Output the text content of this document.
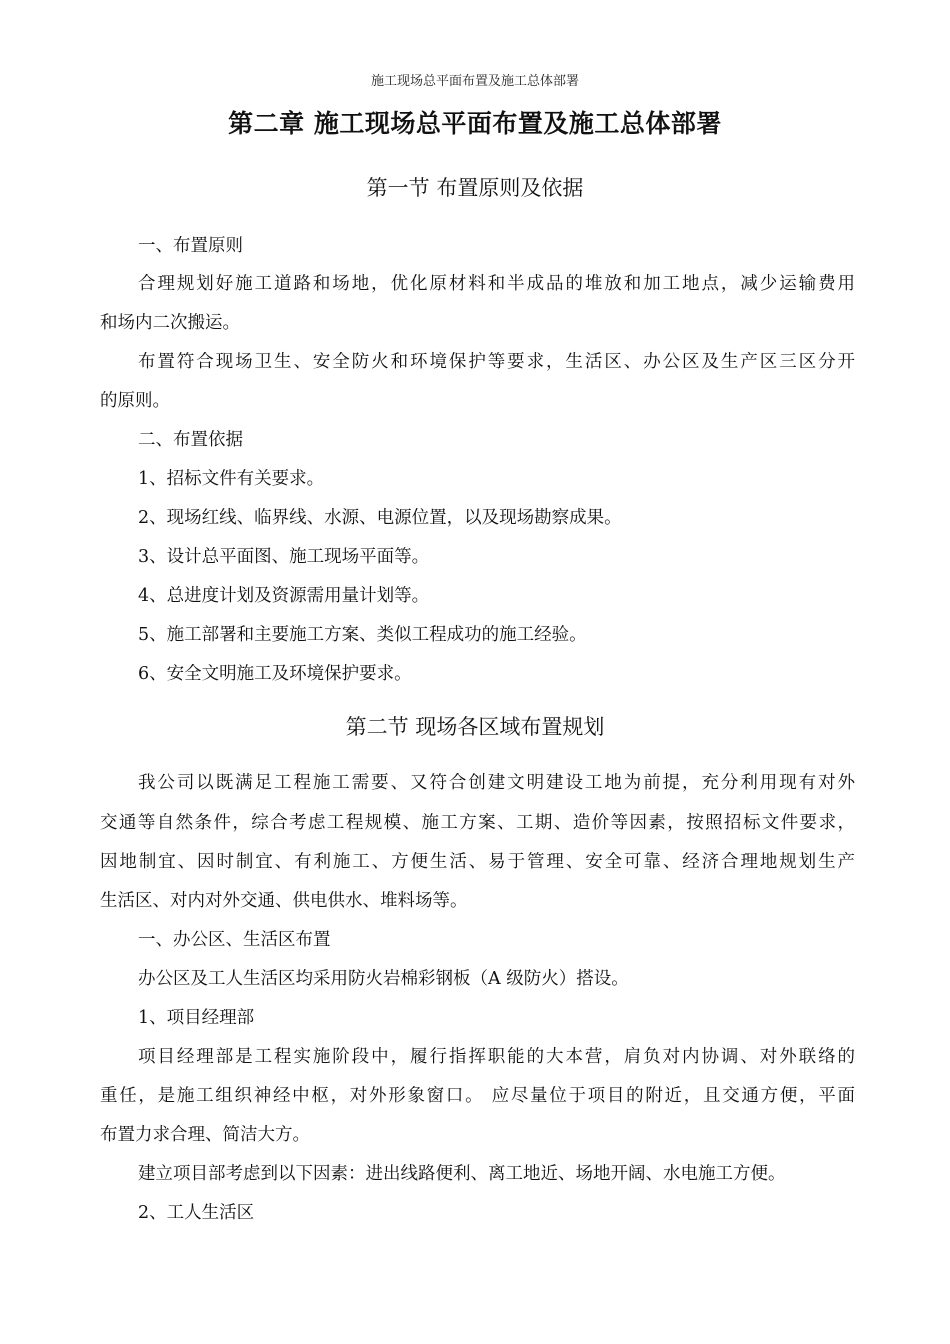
施工现场总平面布置及施工总体部署
第二章 施工现场总平面布置及施工总体部署
第一节 布置原则及依据
一、布置原则
合理规划好施工道路和场地，优化原材料和半成品的堆放和加工地点，减少运输费用
和场内二次搬运。
布置符合现场卫生、安全防火和环境保护等要求，生活区、办公区及生产区三区分开
的原则。
二、布置依据
1、招标文件有关要求。
2、现场红线、临界线、水源、电源位置，以及现场勘察成果。
3、设计总平面图、施工现场平面等。
4、总进度计划及资源需用量计划等。
5、施工部署和主要施工方案、类似工程成功的施工经验。
6、安全文明施工及环境保护要求。
第二节 现场各区域布置规划
我公司以既满足工程施工需要、又符合创建文明建设工地为前提，充分利用现有对外
交通等自然条件，综合考虑工程规模、施工方案、工期、造价等因素，按照招标文件要求，
因地制宜、因时制宜、有利施工、方便生活、易于管理、安全可靠、经济合理地规划生产
生活区、对内对外交通、供电供水、堆料场等。
一、办公区、生活区布置
办公区及工人生活区均采用防火岩棉彩钢板（A 级防火）搭设。
1、项目经理部
项目经理部是工程实施阶段中，履行指挥职能的大本营，肩负对内协调、对外联络的
重任，是施工组织神经中枢，对外形象窗口。 应尽量位于项目的附近，且交通方便，平面
布置力求合理、简洁大方。
建立项目部考虑到以下因素：进出线路便利、离工地近、场地开阔、水电施工方便。
2、工人生活区
